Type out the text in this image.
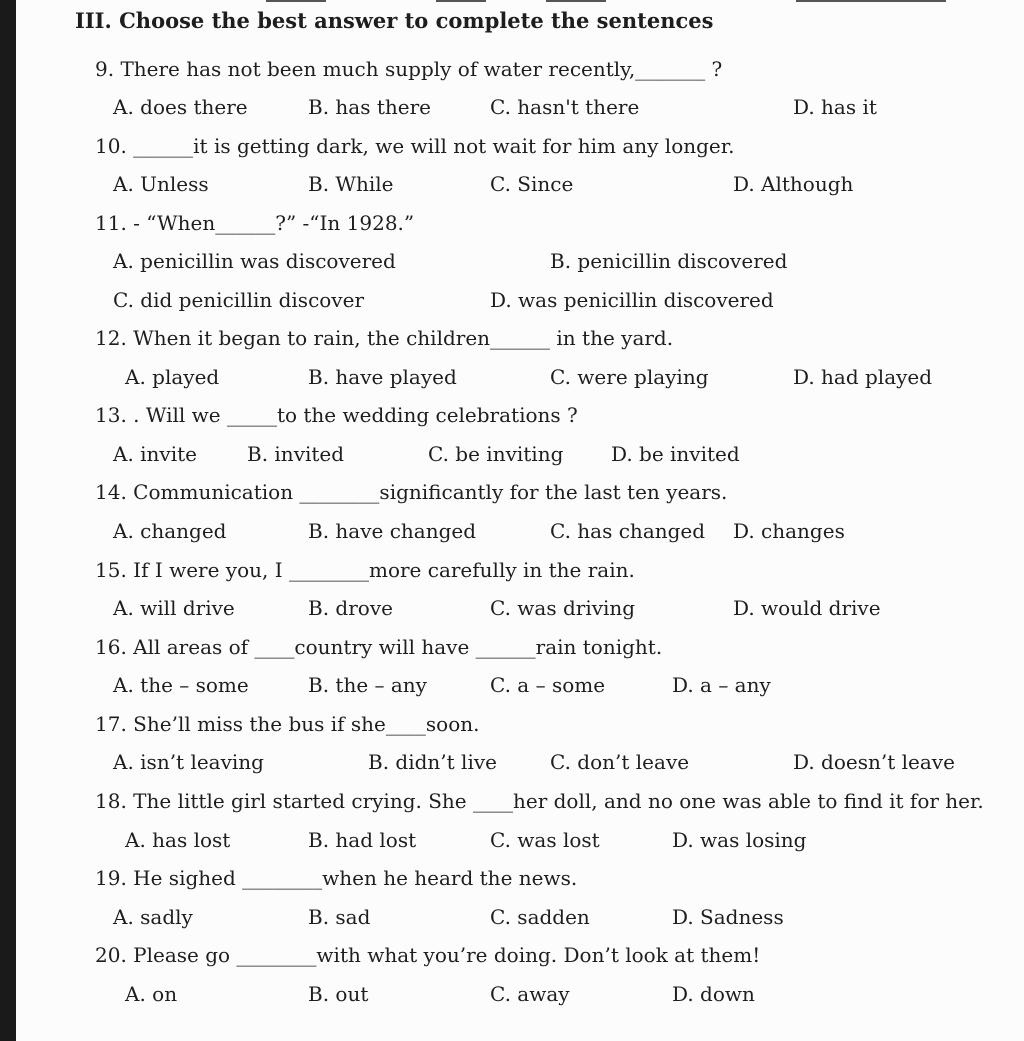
III. Choose the best answer to complete the sentences
9. There has not been much supply of water recently,_______ ?
A. does there	B. has there	C. hasn't there	D. has it
10. ______it is getting dark, we will not wait for him any longer.
A. Unless	B. While	C. Since	D. Although
11. - “When______?” -“In 1928.”
A. penicillin was discovered	B. penicillin discovered
C. did penicillin discover	D. was penicillin discovered
12. When it began to rain, the children______ in the yard.
A. played	B. have played	C. were playing	D. had played
13. . Will we _____to the wedding celebrations ?
A. invite B. invited	C. be inviting D. be invited
14. Communication ________significantly for the last ten years.
A. changed	B. have changed	C. has changed D. changes
15. If I were you, I ________more carefully in the rain.
A. will drive	B. drove	C. was driving	D. would drive
16. All areas of ____country will have ______rain tonight.
A. the – some	B. the – any	C. a – some	D. a – any
17. She’ll miss the bus if she____soon.
A. isn’t leaving	B. didn’t live	C. don’t leave	D. doesn’t leave
18. The little girl started crying. She ____her doll, and no one was able to find it for her.
A. has lost	B. had lost	C. was lost	D. was losing
19. He sighed ________when he heard the news.
A. sadly	B. sad	C. sadden	D. Sadness
20. Please go ________with what you’re doing. Don’t look at them!
A. on	B. out	C. away	D. down
